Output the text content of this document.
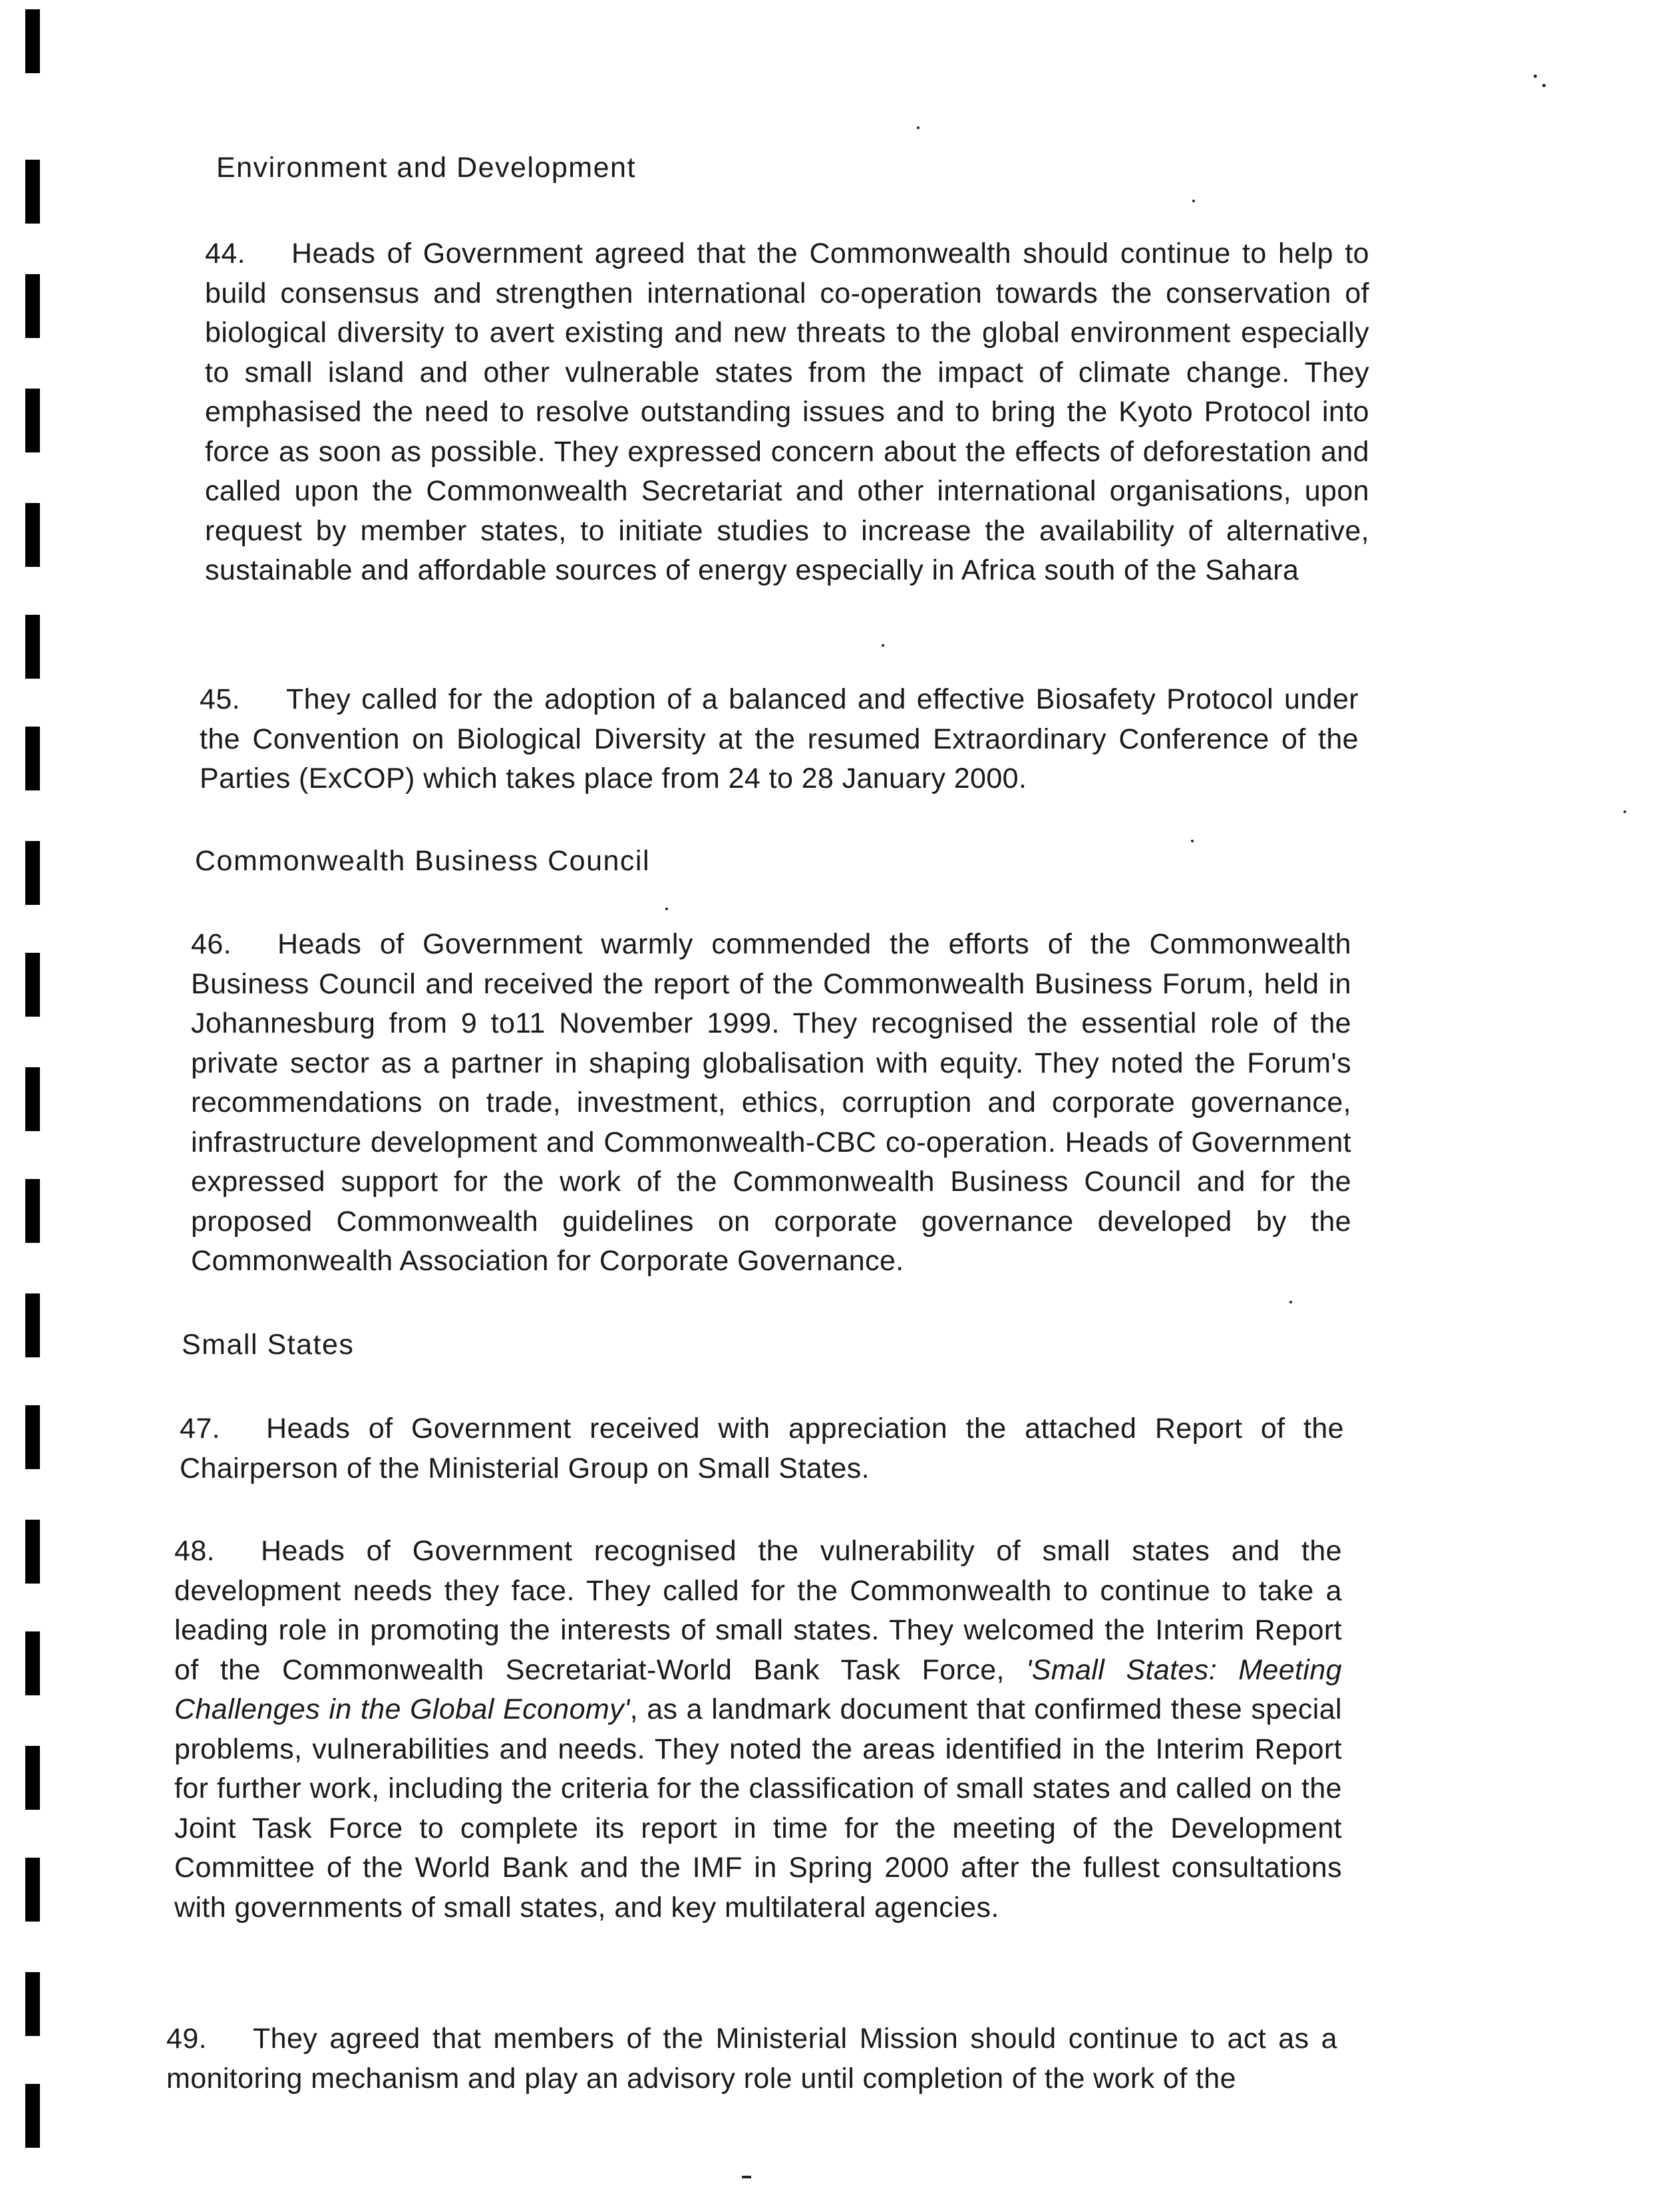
Environment and Development
44. Heads of Government agreed that the Commonwealth should continue to help to build consensus and strengthen international co-operation towards the conservation of biological diversity to avert existing and new threats to the global environment especially to small island and other vulnerable states from the impact of climate change. They emphasised the need to resolve outstanding issues and to bring the Kyoto Protocol into force as soon as possible. They expressed concern about the effects of deforestation and called upon the Commonwealth Secretariat and other international organisations, upon request by member states, to initiate studies to increase the availability of alternative, sustainable and affordable sources of energy especially in Africa south of the Sahara
45. They called for the adoption of a balanced and effective Biosafety Protocol under the Convention on Biological Diversity at the resumed Extraordinary Conference of the Parties (ExCOP) which takes place from 24 to 28 January 2000.
Commonwealth Business Council
46. Heads of Government warmly commended the efforts of the Commonwealth Business Council and received the report of the Commonwealth Business Forum, held in Johannesburg from 9 to11 November 1999. They recognised the essential role of the private sector as a partner in shaping globalisation with equity. They noted the Forum's recommendations on trade, investment, ethics, corruption and corporate governance, infrastructure development and Commonwealth-CBC co-operation. Heads of Government expressed support for the work of the Commonwealth Business Council and for the proposed Commonwealth guidelines on corporate governance developed by the Commonwealth Association for Corporate Governance.
Small States
47. Heads of Government received with appreciation the attached Report of the Chairperson of the Ministerial Group on Small States.
48. Heads of Government recognised the vulnerability of small states and the development needs they face. They called for the Commonwealth to continue to take a leading role in promoting the interests of small states. They welcomed the Interim Report of the Commonwealth Secretariat-World Bank Task Force, 'Small States: Meeting Challenges in the Global Economy', as a landmark document that confirmed these special problems, vulnerabilities and needs. They noted the areas identified in the Interim Report for further work, including the criteria for the classification of small states and called on the Joint Task Force to complete its report in time for the meeting of the Development Committee of the World Bank and the IMF in Spring 2000 after the fullest consultations with governments of small states, and key multilateral agencies.
49. They agreed that members of the Ministerial Mission should continue to act as a monitoring mechanism and play an advisory role until completion of the work of the
